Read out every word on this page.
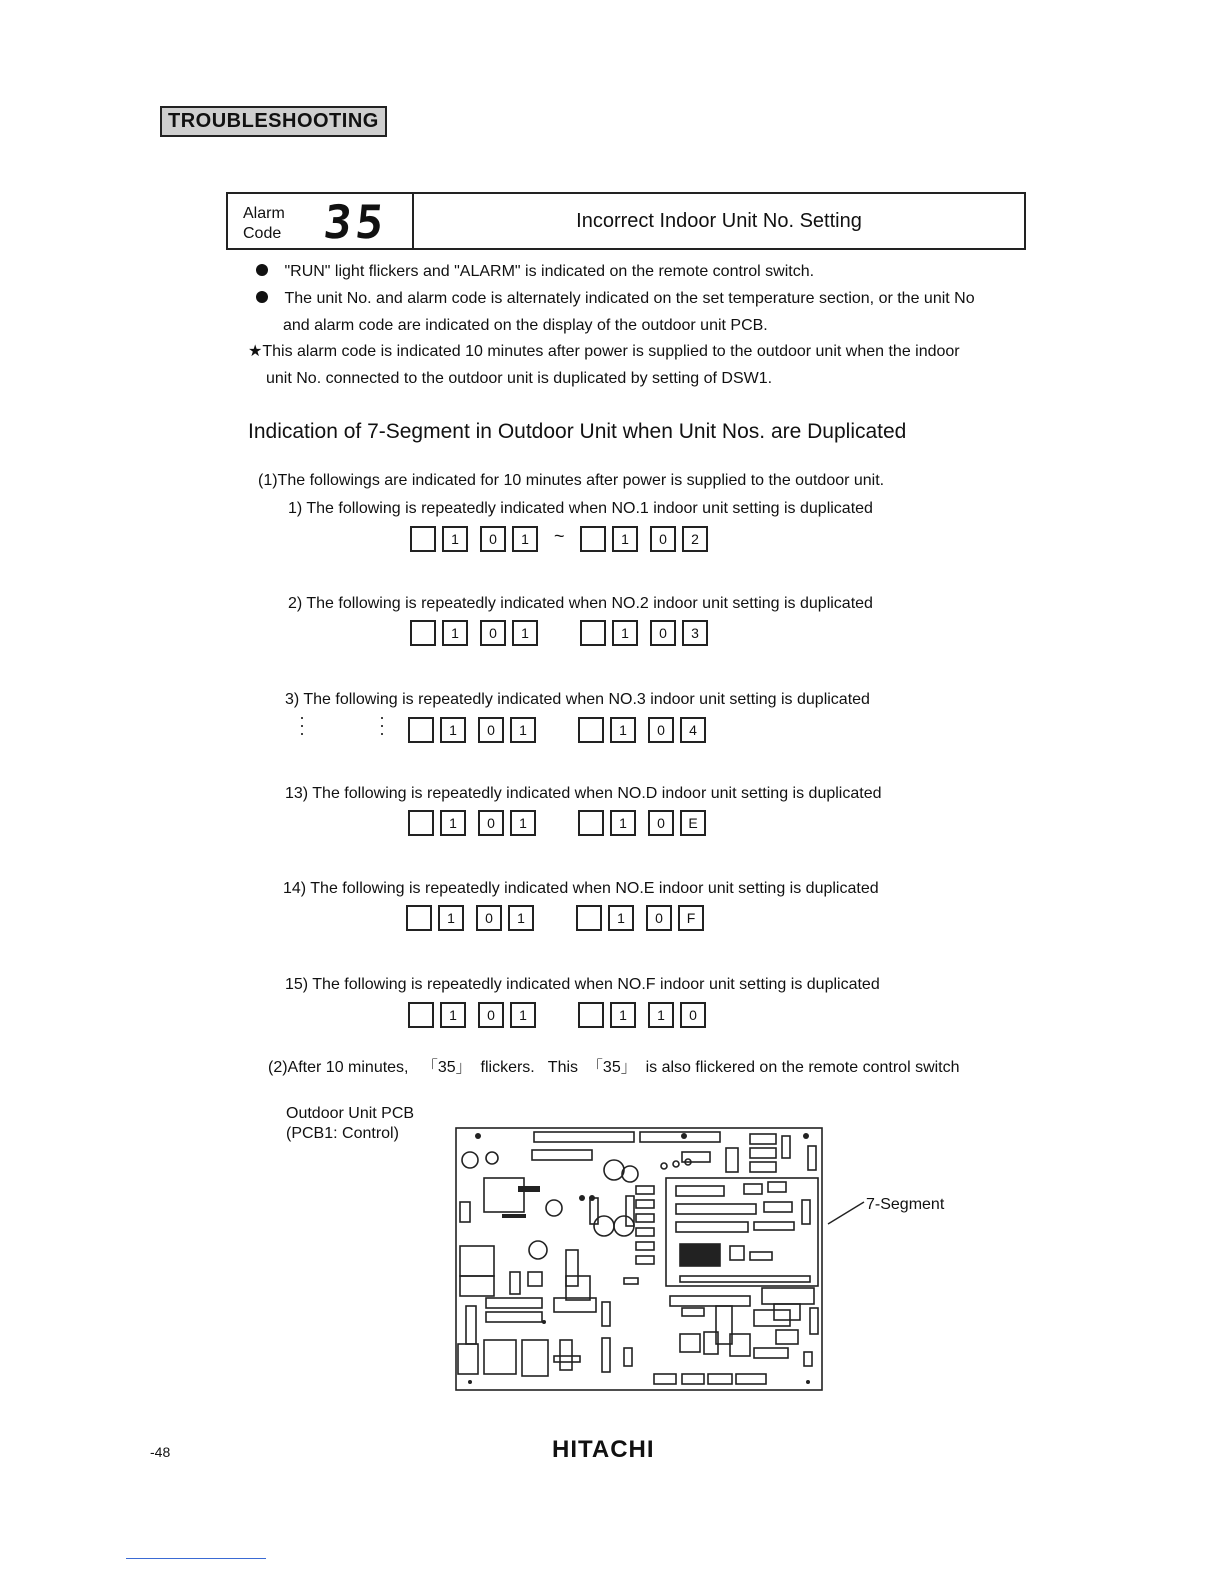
TROUBLESHOOTING
Alarm
Code 35	Incorrect Indoor Unit No. Setting
"RUN" light flickers and "ALARM" is indicated on the remote control switch.
The unit No. and alarm code is alternately indicated on the set temperature section, or the unit No
and alarm code are indicated on the display of the outdoor unit PCB.
★This alarm code is indicated 10 minutes after power is supplied to the outdoor unit when the indoor
unit No. connected to the outdoor unit is duplicated by setting of DSW1.
Indication of 7-Segment in Outdoor Unit when Unit Nos. are Duplicated
(1)The followings are indicated for 10 minutes after power is supplied to the outdoor unit.
1) The following is repeatedly indicated when NO.1 indoor unit setting is duplicated
1	0	1	~	1	0	2
2) The following is repeatedly indicated when NO.2 indoor unit setting is duplicated
1	0	1	1	0	3
3) The following is repeatedly indicated when NO.3 indoor unit setting is duplicated
1	0	1	1	0	4
13) The following is repeatedly indicated when NO.D indoor unit setting is duplicated
1	0	1	1	0	E
14) The following is repeatedly indicated when NO.E indoor unit setting is duplicated
1	0	1	1	0	F
15) The following is repeatedly indicated when NO.F indoor unit setting is duplicated
1	0	1	1	1	0
(2)After 10 minutes,   「35」  flickers.   This  「35」  is also flickered on the remote control switch
Outdoor Unit PCB
(PCB1: Control)
7-Segment
-48	HITACHI
